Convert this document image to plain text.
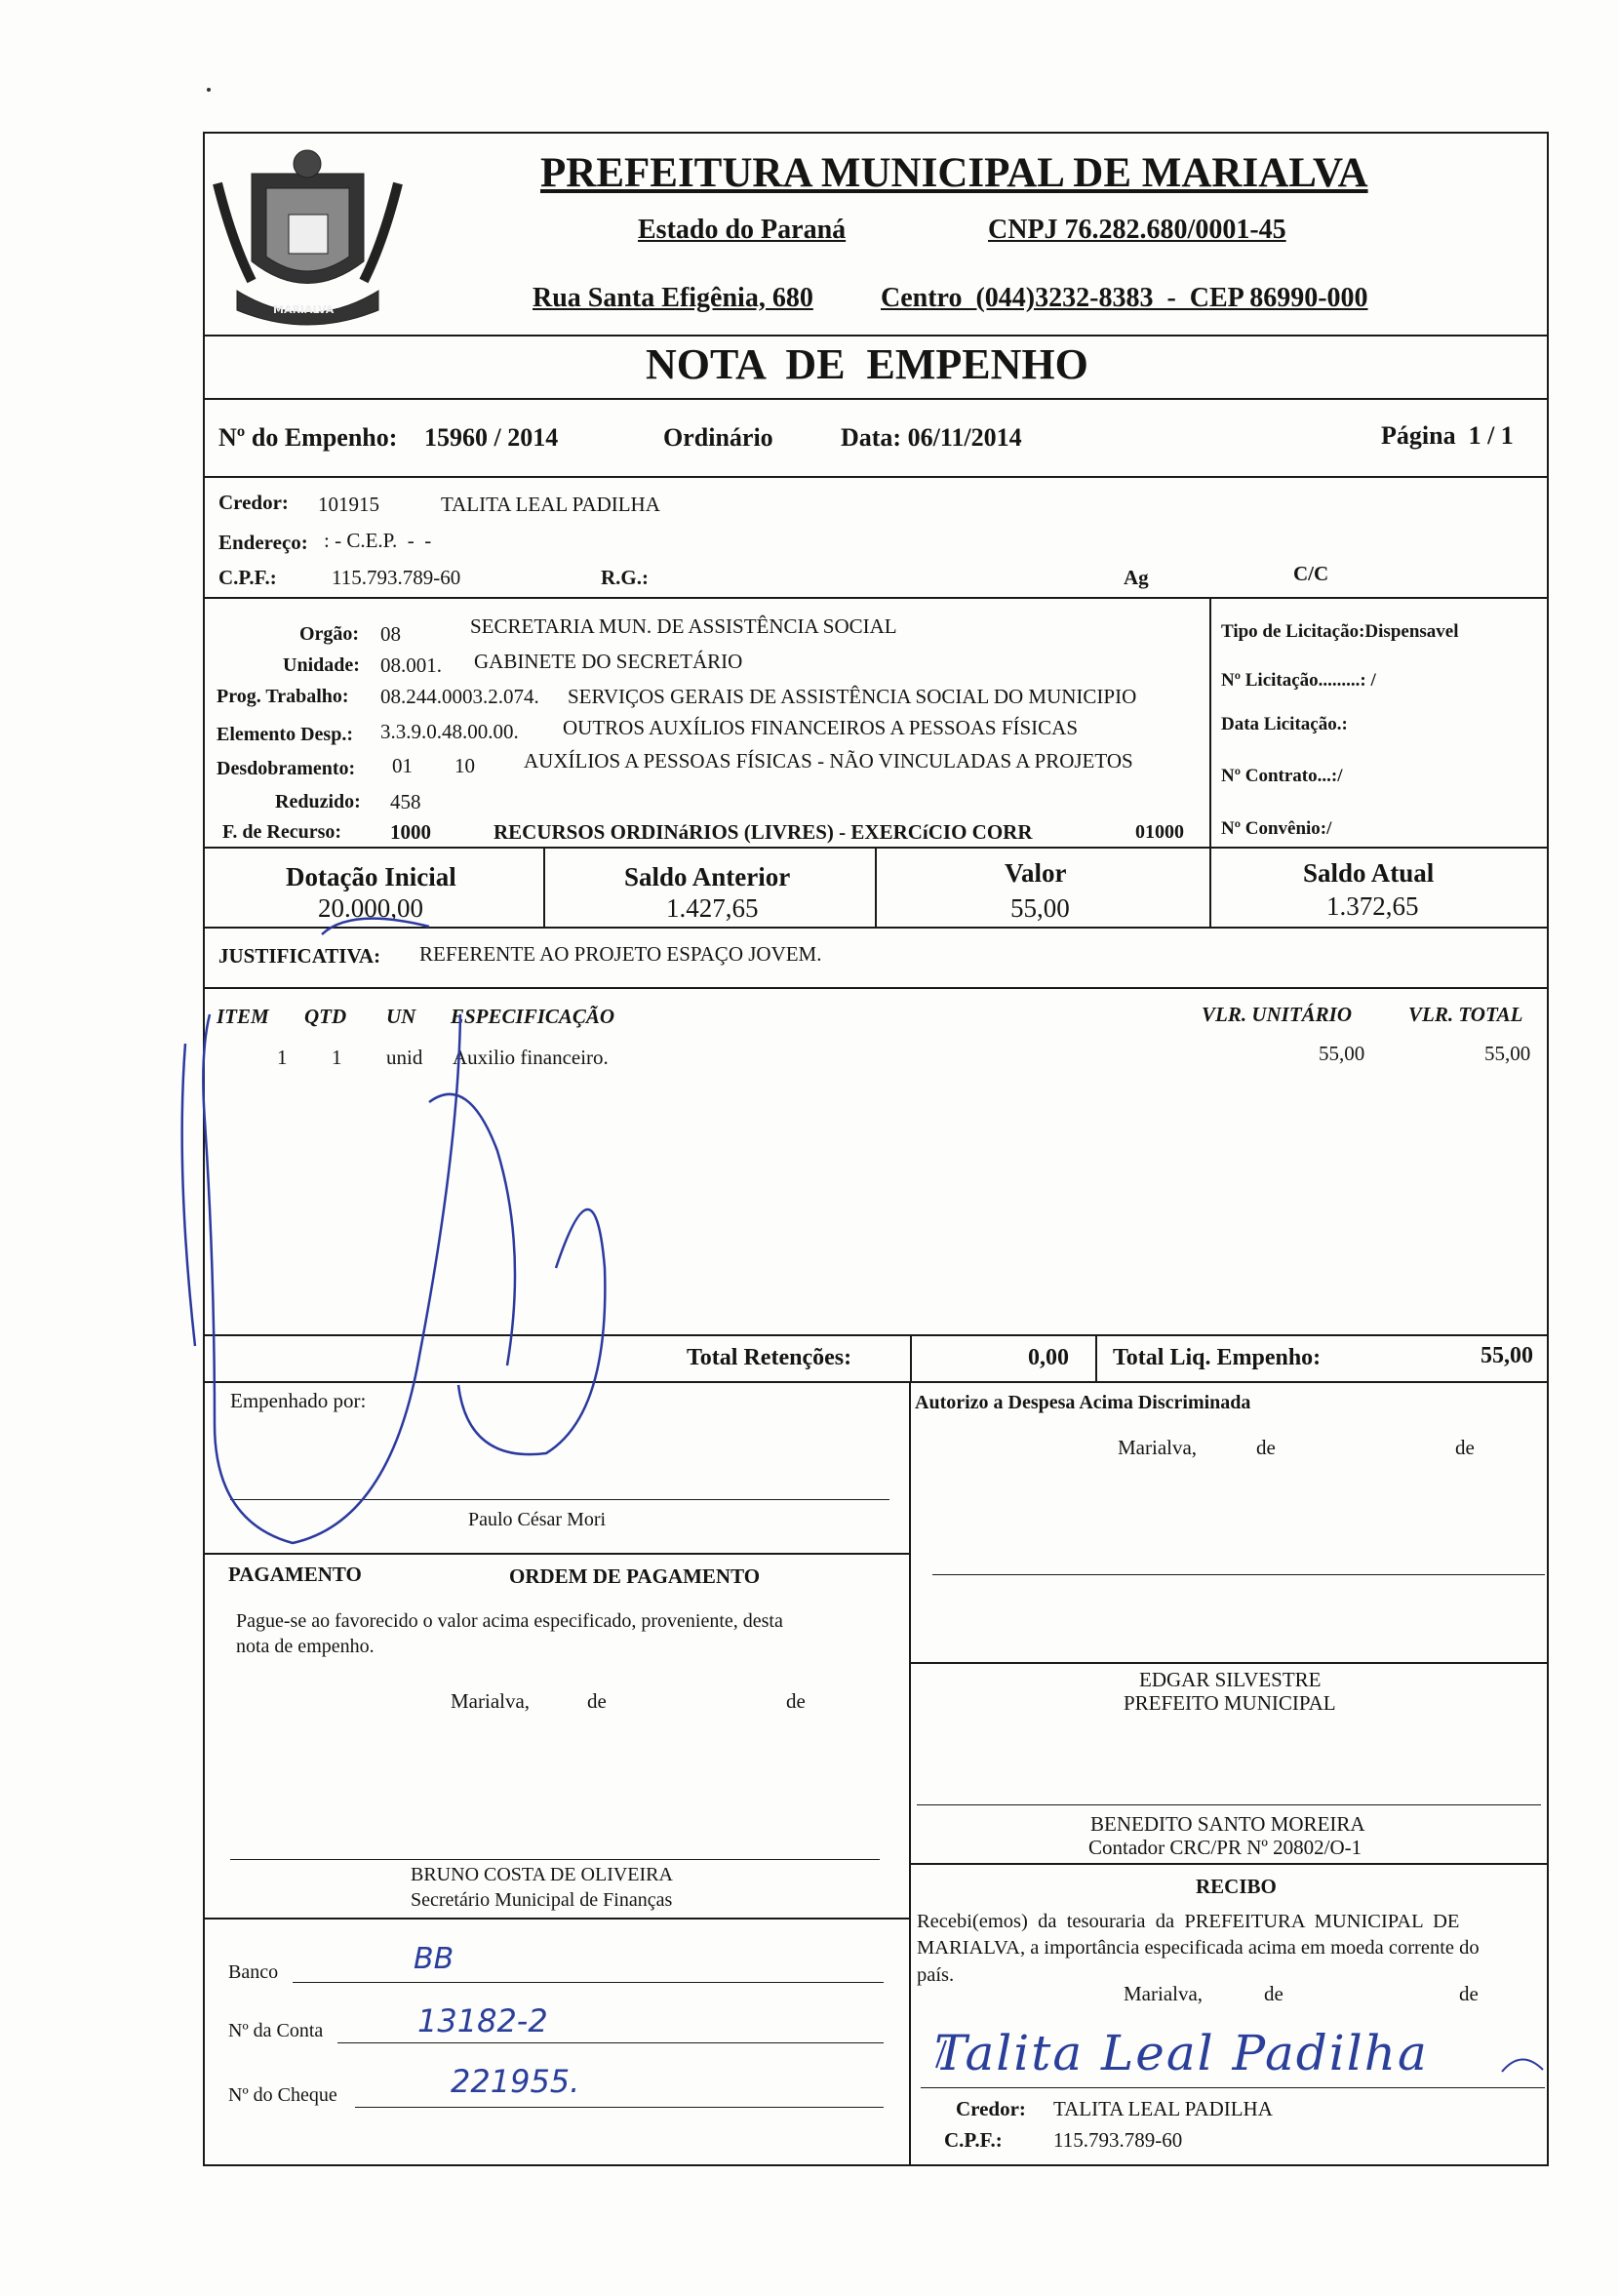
MARIALVA
PREFEITURA MUNICIPAL DE MARIALVA
Estado do Paraná	CNPJ 76.282.680/0001-45
Rua Santa Efigênia, 680 Centro  (044)3232-8383  -  CEP 86990-000
NOTA  DE  EMPENHO
Nº do Empenho: 15960 / 2014	Ordinário	Data: 06/11/2014	Página  1 / 1
Credor: 101915	TALITA LEAL PADILHA
Endereço: : - C.E.P.  -  -
C.P.F.:	115.793.789-60	R.G.:	Ag	C/C
Orgão: 08	SECRETARIA MUN. DE ASSISTÊNCIA SOCIAL
Unidade: 08.001. GABINETE DO SECRETÁRIO
Prog. Trabalho: 08.244.0003.2.074. SERVIÇOS GERAIS DE ASSISTÊNCIA SOCIAL DO MUNICIPIO
Elemento Desp.: 3.3.9.0.48.00.00. OUTROS AUXÍLIOS FINANCEIROS A PESSOAS FÍSICAS
Desdobramento: 01 10 AUXÍLIOS A PESSOAS FÍSICAS - NÃO VINCULADAS A PROJETOS
Reduzido: 458
F. de Recurso: 1000	RECURSOS ORDINáRIOS (LIVRES) - EXERCíCIO CORR	01000
Tipo de Licitação:Dispensavel
Nº Licitação.........: /
Data Licitação.:
Nº Contrato...:/
Nº Convênio:/
Dotação Inicial
20.000,00
Saldo Anterior
1.427,65
Valor
55,00
Saldo Atual
1.372,65
JUSTIFICATIVA: REFERENTE AO PROJETO ESPAÇO JOVEM.
ITEM QTD UN ESPECIFICAÇÃO	VLR. UNITÁRIO	VLR. TOTAL
1 1 unid Auxilio financeiro.	55,00	55,00
Total Retenções:	0,00 Total Liq. Empenho:	55,00
Empenhado por:
Paulo César Mori
Autorizo a Despesa Acima Discriminada
Marialva,	de	de
EDGAR SILVESTRE
PREFEITO MUNICIPAL
BENEDITO SANTO MOREIRA
Contador CRC/PR Nº 20802/O-1
PAGAMENTO	ORDEM DE PAGAMENTO
Pague-se ao favorecido o valor acima especificado, proveniente, desta
nota de empenho.
Marialva,	de	de
BRUNO COSTA DE OLIVEIRA
Secretário Municipal de Finanças
Banco	BB
Nº da Conta	13182-2
Nº do Cheque	221955.
RECIBO
Recebi(emos)  da  tesouraria  da  PREFEITURA  MUNICIPAL  DE
MARIALVA, a importância especificada acima em moeda corrente do
país.
Marialva,	de	de
Talita Leal Padilha
Credor: TALITA LEAL PADILHA
C.P.F.: 115.793.789-60
